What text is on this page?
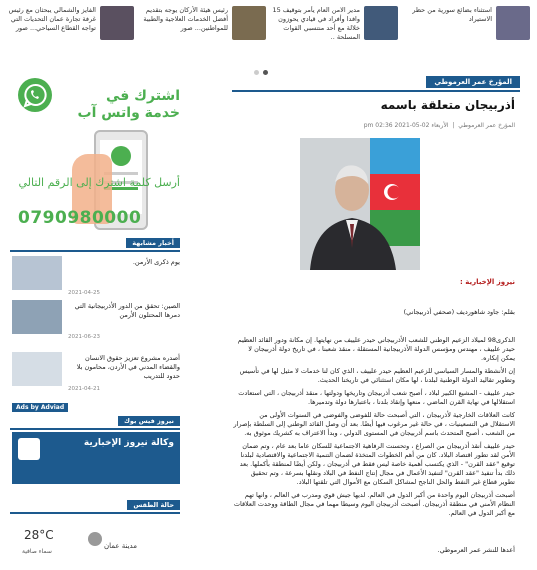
استثناء بضائع سورية من حظر الاستيراد
مدير الامن العام يأمر بتوقيف 15 وافدا وأفراد في قيادي يحوزون خلالة مع أحد منتسبي القوات المسلحة ..
رئيس هيئة الأركان يوجه بتقديم أفضل الخدمات العلاجية والطبية للمواطنين... صور
الفايز والشمالي يبحثان مع رئيس غرفة تجارة عمان التحديات التي تواجه القطاع السياحي... صور
المؤرخ عمر العرموطي
أذربيجان متعلقة باسمه
المؤرخ عمر العرموطي  |  الأربعاء 02-05-2021 pm 02:36
نيروز الإخبارية :
بقلم: جاود شاهورديف (صحفي أذربيجاني)

الذكرى98 لميلاد الزعيم الوطني للشعب الأذربيجاني حيدر علييف من نهايتها. إن مكانة ودور القائد العظيم حيدر علييف ، مهندس ومؤسس الدولة الأذربيجانية المستقلة ، منقذ شعبنا ، في تاريخ دولة أذربيجان لا يمكن إنكاره.

إن الأنشطة والمسار السياسي للزعيم العظيم حيدر علييف ، الذي كان لنا خدمات لا مثيل لها في تأسيس وتطوير تقاليد الدولة الوطنية لبلدنا ، لها مكان استثنائي في تاريخنا الحديث.

حيدر علييف - المشيع الكبير لبلاد ، أصبح شعب أذربيجان وتاريخها ودولتها ، منقذ أذربيجان ، التي استعادت استقلالها في نهاية القرن الماضي ، منعها وإنقاذ بلدنا ، باعتبارها دولة وتدميرها.

كانت العلاقات الخارجية لأذربيجان ، التي أصبحت حالة للفوضى والفوضى في السنوات الأولى من الاستقلال في التسعينيات ، في حالة غير مرغوب فيها أيضًا. بعد أن وصل القائد الوطني إلى السلطة بإصرار من الشعب ، أصبح المتحدث باسم أذربيجان في المستوى الدولي ، وبدأ الاعتراف به كشريك موثوق به.

حيدر علييف أنقذ أذربيجان من الصراع ، وتحسنت الرفاهية الاجتماعية للسكان عاما بعد عام ، وتم ضمان الأمن لقد تطور اقتصاد البلاد. كان من أهم الخطوات المتخذة لضمان التنمية الاجتماعية والاقتصادية لبلدنا توقيع "عقد القرن" - الذي يكتسب أهمية خاصة ليس فقط في أذربيجان ، ولكن أيضًا لمنطقة بأكملها. بعد ذلك بدأ تنفيذ "عقد القرن" لتنفيذ الأعمال في مجال إنتاج النفط في البلاد ونقلها بسرعة ، وتم تحقيق تطوير قطاع غير النفط والحل الناجح لمشاكل السكان مع الأموال التي تلقتها البلاد.

أصبحت أذربيجان اليوم واحدة من أكبر الدول في العالم. لديها جيش قوي ومدرب في العالم ، وانها تهم النظام الأمني في منطقة أذربيجان. أصبحت أذربيجان اليوم وسيطا مهما في مجال الطاقة ووحدت العلاقات مع أكبر الدول في العالم.

أعدها للنشر عمر العرموطي.
اشترك في خدمة واتس آب
أرسل كلمة اشترك إلى الرقم التالي
0790980000
أخبار مشابهة
يوم ذكرى الأرمن.
2021-04-25
الصين: تحقق من الدور الأذربيجانية التي دمرها المحتلون الأرمن
2021-06-23
أصدره مشروع تعزيز حقوق الانسان والقضاء المدني في الأردن، محامون بلا حدود للتدريب
2021-04-21
Ads by Adviad
نيروز فيس بوك
وكالة نيروز الإخبارية
حالة الطقس
28°C
مدينة عمان
سماء صافية
